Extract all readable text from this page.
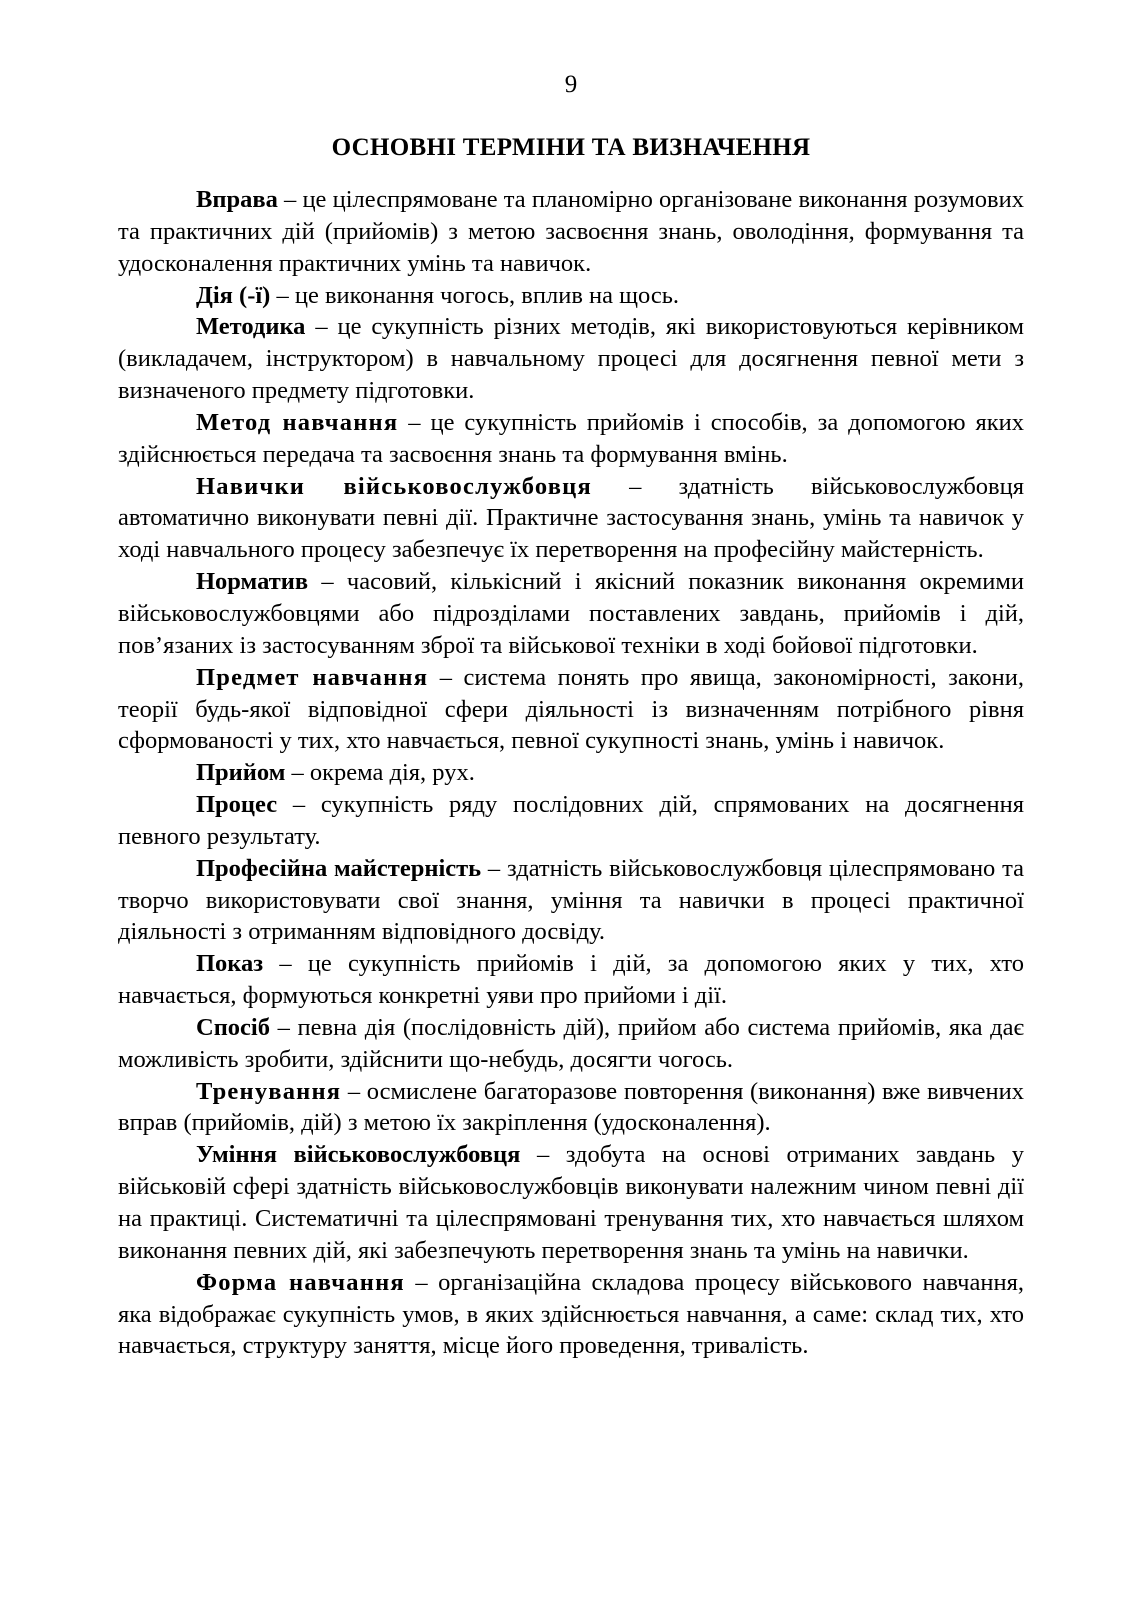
9
ОСНОВНІ ТЕРМІНИ ТА ВИЗНАЧЕННЯ

Вправа – це цілеспрямоване та планомірно організоване виконання розумових та практичних дій (прийомів) з метою засвоєння знань, оволодіння, формування та удосконалення практичних умінь та навичок.

Дія (-ї) – це виконання чогось, вплив на щось.

Методика – це сукупність різних методів, які використовуються керівником (викладачем, інструктором) в навчальному процесі для досягнення певної мети з визначеного предмету підготовки.

Метод навчання – це сукупність прийомів і способів, за допомогою яких здійснюється передача та засвоєння знань та формування вмінь.

Навички військовослужбовця – здатність військовослужбовця автоматично виконувати певні дії. Практичне застосування знань, умінь та навичок у ході навчального процесу забезпечує їх перетворення на професійну майстерність.

Норматив – часовий, кількісний і якісний показник виконання окремими військовослужбовцями або підрозділами поставлених завдань, прийомів і дій, пов’язаних із застосуванням зброї та військової техніки в ході бойової підготовки.

Предмет навчання – система понять про явища, закономірності, закони, теорії будь-якої відповідної сфери діяльності із визначенням потрібного рівня сформованості у тих, хто навчається, певної сукупності знань, умінь і навичок.

Прийом – окрема дія, рух.

Процес – сукупність ряду послідовних дій, спрямованих на досягнення певного результату.

Професійна майстерність – здатність військовослужбовця цілеспрямовано та творчо використовувати свої знання, уміння та навички в процесі практичної діяльності з отриманням відповідного досвіду.

Показ – це сукупність прийомів і дій, за допомогою яких у тих, хто навчається, формуються конкретні уяви про прийоми і дії.

Спосіб – певна дія (послідовність дій), прийом або система прийомів, яка дає можливість зробити, здійснити що-небудь, досягти чогось.

Тренування – осмислене багаторазове повторення (виконання) вже вивчених вправ (прийомів, дій) з метою їх закріплення (удосконалення).

Уміння військовослужбовця – здобута на основі отриманих завдань у військовій сфері здатність військовослужбовців виконувати належним чином певні дії на практиці. Систематичні та цілеспрямовані тренування тих, хто навчається шляхом виконання певних дій, які забезпечують перетворення знань та умінь на навички.

Форма навчання – організаційна складова процесу військового навчання, яка відображає сукупність умов, в яких здійснюється навчання, а саме: склад тих, хто навчається, структуру заняття, місце його проведення, тривалість.
